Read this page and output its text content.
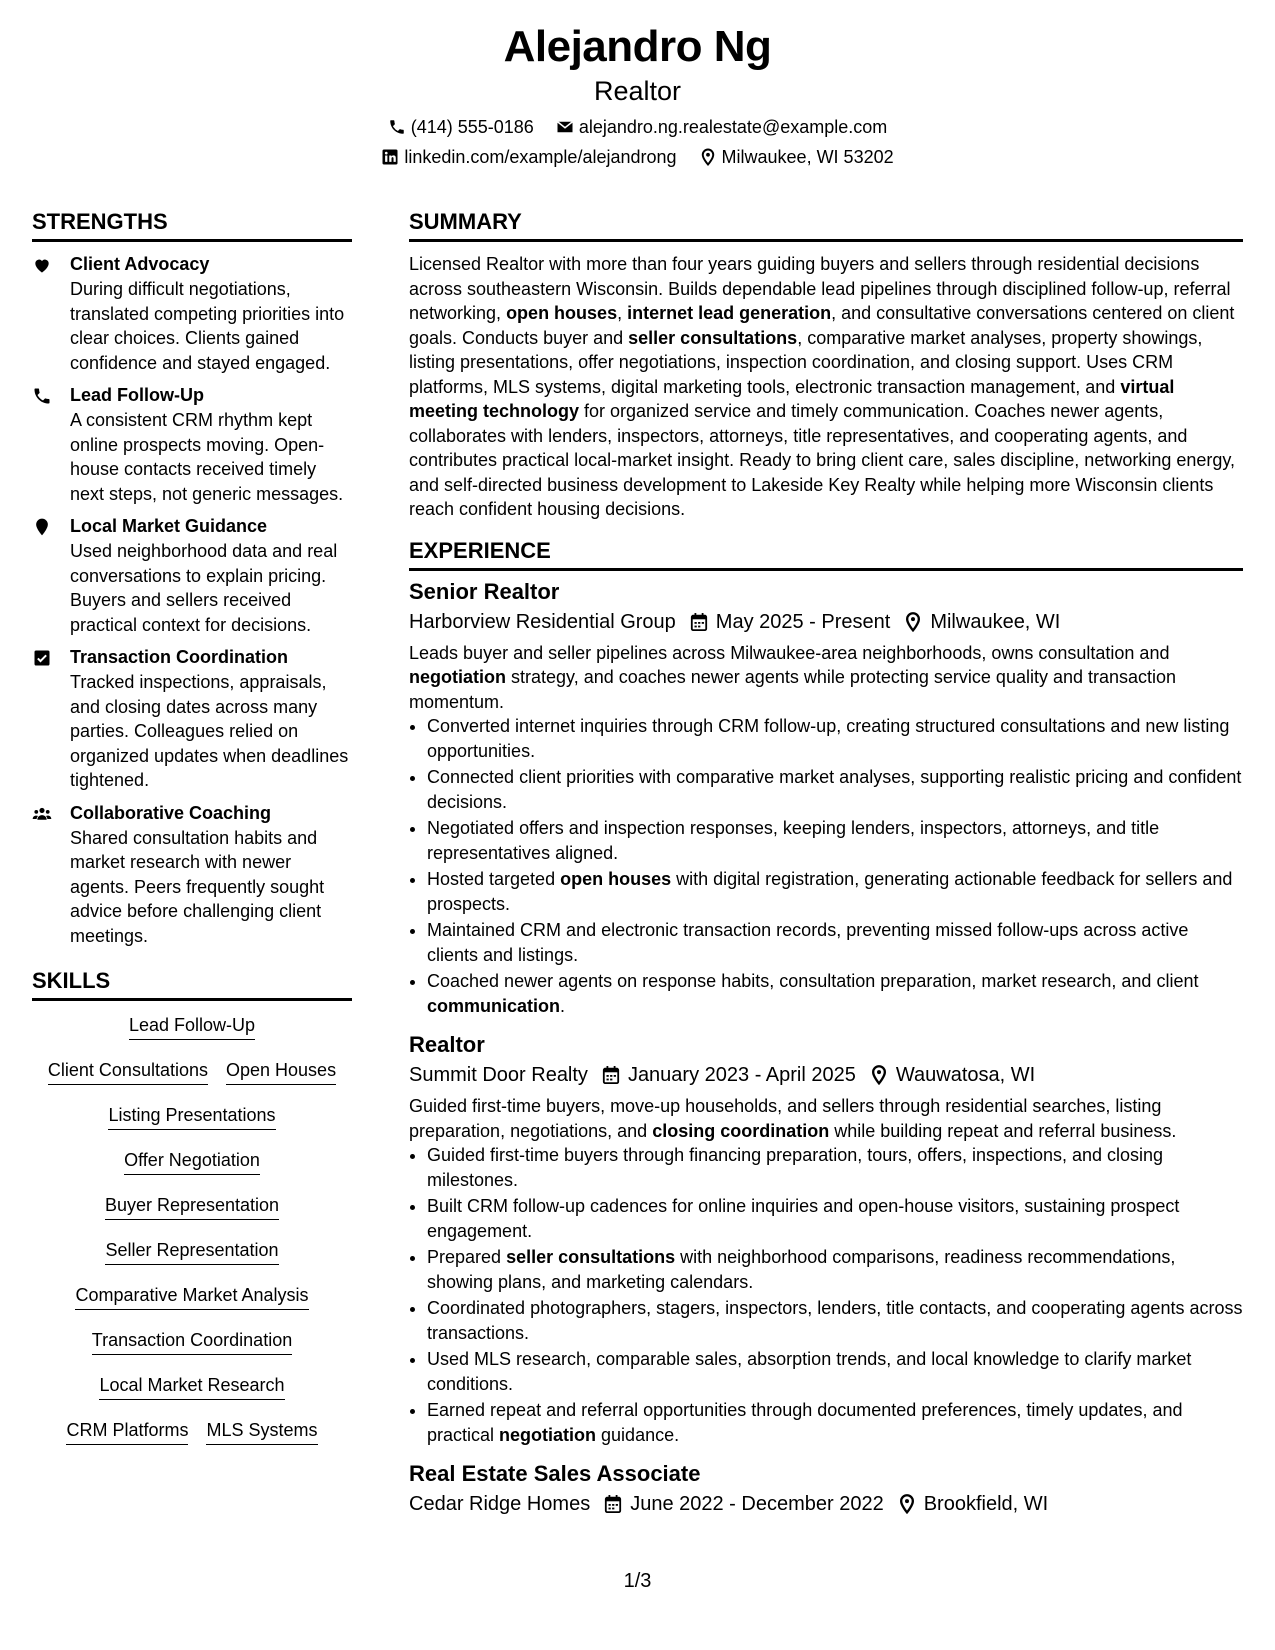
Alejandro Ng
Realtor
(414) 555-0186	alejandro.ng.realestate@example.com
linkedin.com/example/alejandrong	Milwaukee, WI 53202
STRENGTHS
Client Advocacy
During difficult negotiations, translated competing priorities into clear choices. Clients gained confidence and stayed engaged.
Lead Follow-Up
A consistent CRM rhythm kept online prospects moving. Open-house contacts received timely next steps, not generic messages.
Local Market Guidance
Used neighborhood data and real conversations to explain pricing. Buyers and sellers received practical context for decisions.
Transaction Coordination
Tracked inspections, appraisals, and closing dates across many parties. Colleagues relied on organized updates when deadlines tightened.
Collaborative Coaching
Shared consultation habits and market research with newer agents. Peers frequently sought advice before challenging client meetings.
SKILLS
Lead Follow-Up
Client Consultations Open Houses
Listing Presentations
Offer Negotiation
Buyer Representation
Seller Representation
Comparative Market Analysis
Transaction Coordination
Local Market Research
CRM Platforms MLS Systems
SUMMARY

Licensed Realtor with more than four years guiding buyers and sellers through residential decisions across southeastern Wisconsin. Builds dependable lead pipelines through disciplined follow-up, referral networking, open houses, internet lead generation, and consultative conversations centered on client goals. Conducts buyer and seller consultations, comparative market analyses, property showings, listing presentations, offer negotiations, inspection coordination, and closing support. Uses CRM platforms, MLS systems, digital marketing tools, electronic transaction management, and virtual meeting technology for organized service and timely communication. Coaches newer agents, collaborates with lenders, inspectors, attorneys, title representatives, and cooperating agents, and contributes practical local-market insight. Ready to bring client care, sales discipline, networking energy, and self-directed business development to Lakeside Key Realty while helping more Wisconsin clients reach confident housing decisions.

EXPERIENCE
Senior Realtor
Harborview Residential Group May 2025 - Present Milwaukee, WI

Leads buyer and seller pipelines across Milwaukee-area neighborhoods, owns consultation and negotiation strategy, and coaches newer agents while protecting service quality and transaction momentum.

• Converted internet inquiries through CRM follow-up, creating structured consultations and new listing opportunities.
• Connected client priorities with comparative market analyses, supporting realistic pricing and confident decisions.
• Negotiated offers and inspection responses, keeping lenders, inspectors, attorneys, and title representatives aligned.
• Hosted targeted open houses with digital registration, generating actionable feedback for sellers and prospects.
• Maintained CRM and electronic transaction records, preventing missed follow-ups across active clients and listings.
• Coached newer agents on response habits, consultation preparation, market research, and client communication.
Realtor
Summit Door Realty January 2023 - April 2025 Wauwatosa, WI

Guided first-time buyers, move-up households, and sellers through residential searches, listing preparation, negotiations, and closing coordination while building repeat and referral business.

• Guided first-time buyers through financing preparation, tours, offers, inspections, and closing milestones.
• Built CRM follow-up cadences for online inquiries and open-house visitors, sustaining prospect engagement.
• Prepared seller consultations with neighborhood comparisons, readiness recommendations, showing plans, and marketing calendars.
• Coordinated photographers, stagers, inspectors, lenders, title contacts, and cooperating agents across transactions.
• Used MLS research, comparable sales, absorption trends, and local knowledge to clarify market conditions.
• Earned repeat and referral opportunities through documented preferences, timely updates, and practical negotiation guidance.
Real Estate Sales Associate
Cedar Ridge Homes June 2022 - December 2022 Brookfield, WI
1/3
